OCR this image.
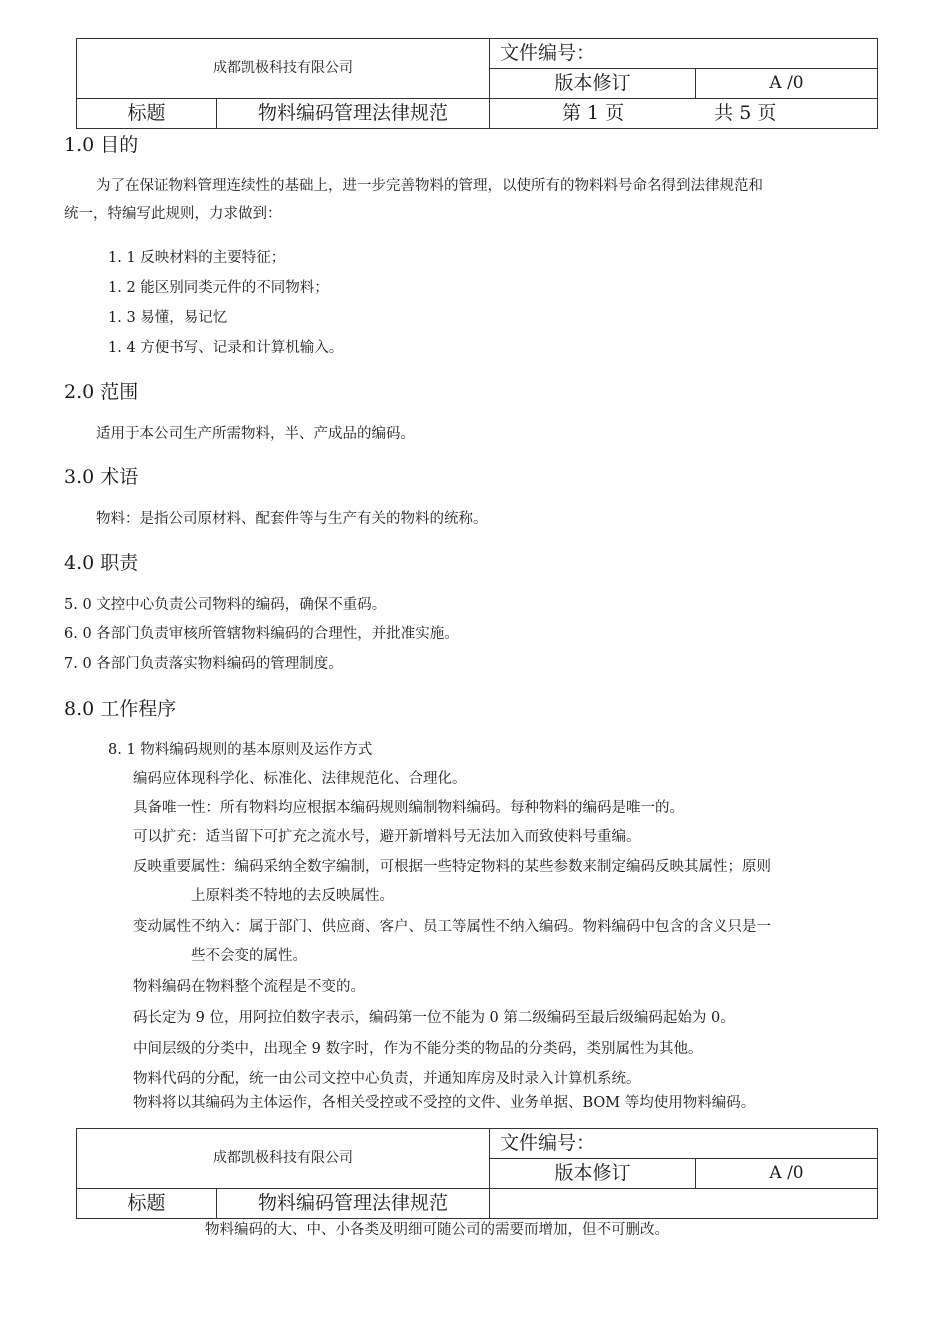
成都凯极科技有限公司		文件编号：	
		版本修订	A /0
标题	物料编码管理法律规范	第 1 页 共 5 页	
1.0 目的

为了在保证物料管理连续性的基础上，进一步完善物料的管理，以使所有的物料料号命名得到法律规范和

统一，特编写此规则，力求做到：

1. 1 反映材料的主要特征；

1. 2 能区别同类元件的不同物料；

1. 3 易懂，易记忆

1. 4 方便书写、记录和计算机输入。

2.0 范围

适用于本公司生产所需物料，半、产成品的编码。

3.0 术语

物料：是指公司原材料、配套件等与生产有关的物料的统称。

4.0 职责

5. 0 文控中心负责公司物料的编码，确保不重码。

6. 0 各部门负责审核所管辖物料编码的合理性，并批准实施。

7. 0 各部门负责落实物料编码的管理制度。

8.0 工作程序

8. 1 物料编码规则的基本原则及运作方式

编码应体现科学化、标准化、法律规范化、合理化。

具备唯一性：所有物料均应根据本编码规则编制物料编码。每种物料的编码是唯一的。

可以扩充：适当留下可扩充之流水号，避开新增料号无法加入而致使料号重编。

反映重要属性：编码采纳全数字编制，可根据一些特定物料的某些参数来制定编码反映其属性；原则

上原料类不特地的去反映属性。

变动属性不纳入：属于部门、供应商、客户、员工等属性不纳入编码。物料编码中包含的含义只是一

些不会变的属性。

物料编码在物料整个流程是不变的。

码长定为 9 位，用阿拉伯数字表示，编码第一位不能为 0 第二级编码至最后级编码起始为 0。

中间层级的分类中，出现全 9 数字时，作为不能分类的物品的分类码，类别属性为其他。

物料代码的分配，统一由公司文控中心负责，并通知库房及时录入计算机系统。

物料将以其编码为主体运作，各相关受控或不受控的文件、业务单据、BOM 等均使用物料编码。

成都凯极科技有限公司		文件编号：	
		版本修订	A /0
标题	物料编码管理法律规范		

物料编码的大、中、小各类及明细可随公司的需要而增加，但不可删改。
